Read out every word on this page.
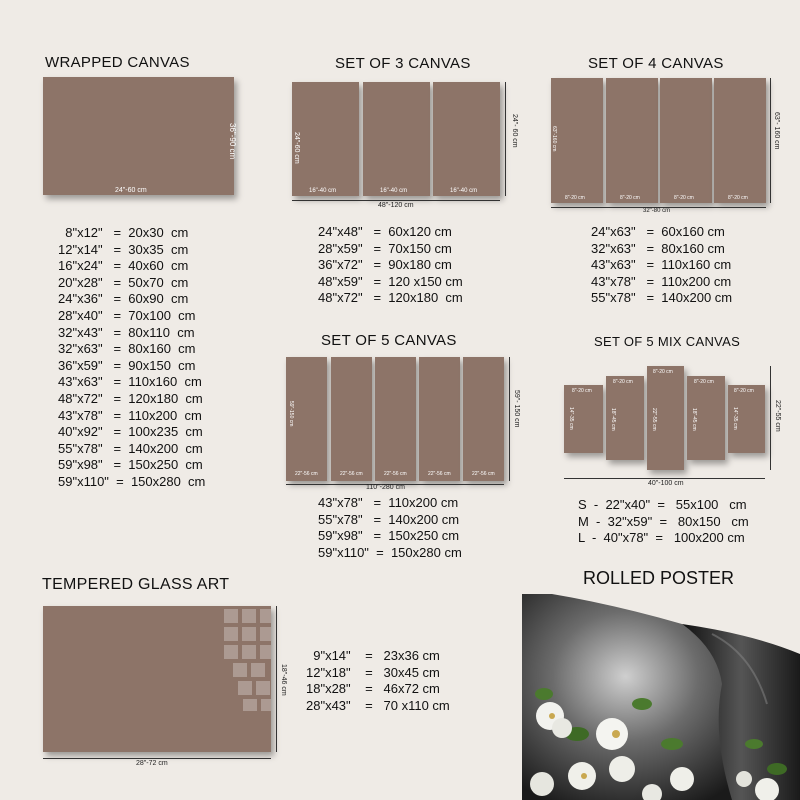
WRAPPED CANVAS
24"-60 cm
36"-90 cm
8"x12"   =  20x30  cm
12"x14"   =  30x35  cm
16"x24"   =  40x60  cm
20"x28"   =  50x70  cm
24"x36"   =  60x90  cm
28"x40"   =  70x100  cm
32"x43"   =  80x110  cm
32"x63"   =  80x160  cm
36"x59"   =  90x150  cm
43"x63"   =  110x160  cm
48"x72"   =  120x180  cm
43"x78"   =  110x200  cm
40"x92"   =  100x235  cm
55"x78"   =  140x200  cm
59"x98"   =  150x250  cm
59"x110"  =  150x280  cm
SET OF 3 CANVAS
24"-60 cm
16"-40 cm	16"-40 cm	16"-40 cm
48"-120 cm
24"- 60 cm
24"x48"   =  60x120 cm
28"x59"   =  70x150 cm
36"x72"   =  90x180 cm
48"x59"   =  120 x150 cm
48"x72"   =  120x180  cm
SET OF 4 CANVAS
63"-160 cm
8"-20 cm	8"-20 cm	8"-20 cm	8"-20 cm
32"-80 cm
63"- 160 cm
24"x63"   =  60x160 cm
32"x63"   =  80x160 cm
43"x63"   =  110x160 cm
43"x78"   =  110x200 cm
55"x78"   =  140x200 cm
SET OF 5 CANVAS
59"-150 cm
22"-56 cm	22"-56 cm	22"-56 cm	22"-56 cm	22"-56 cm
110"-280 cm
59"- 150 cm
43"x78"   =  110x200 cm
55"x78"   =  140x200 cm
59"x98"   =  150x250 cm
59"x110"  =  150x280 cm
SET OF 5 MIX CANVAS
8"-20 cm
14"-35 cm
8"-20 cm
18"-45 cm
8"-20 cm
22"-55 cm
8"-20 cm
18"-45 cm
8"-20 cm
14"-35 cm
40"-100 cm
22"-55 cm
S  -  22"x40"  =   55x100   cm
M  -  32"x59"  =   80x150   cm
L  -  40"x78"  =   100x200 cm
TEMPERED GLASS ART
28"-72 cm
18"-46 cm
9"x14"    =   23x36 cm
12"x18"    =   30x45 cm
18"x28"    =   46x72 cm
28"x43"    =   70 x110 cm
ROLLED POSTER
